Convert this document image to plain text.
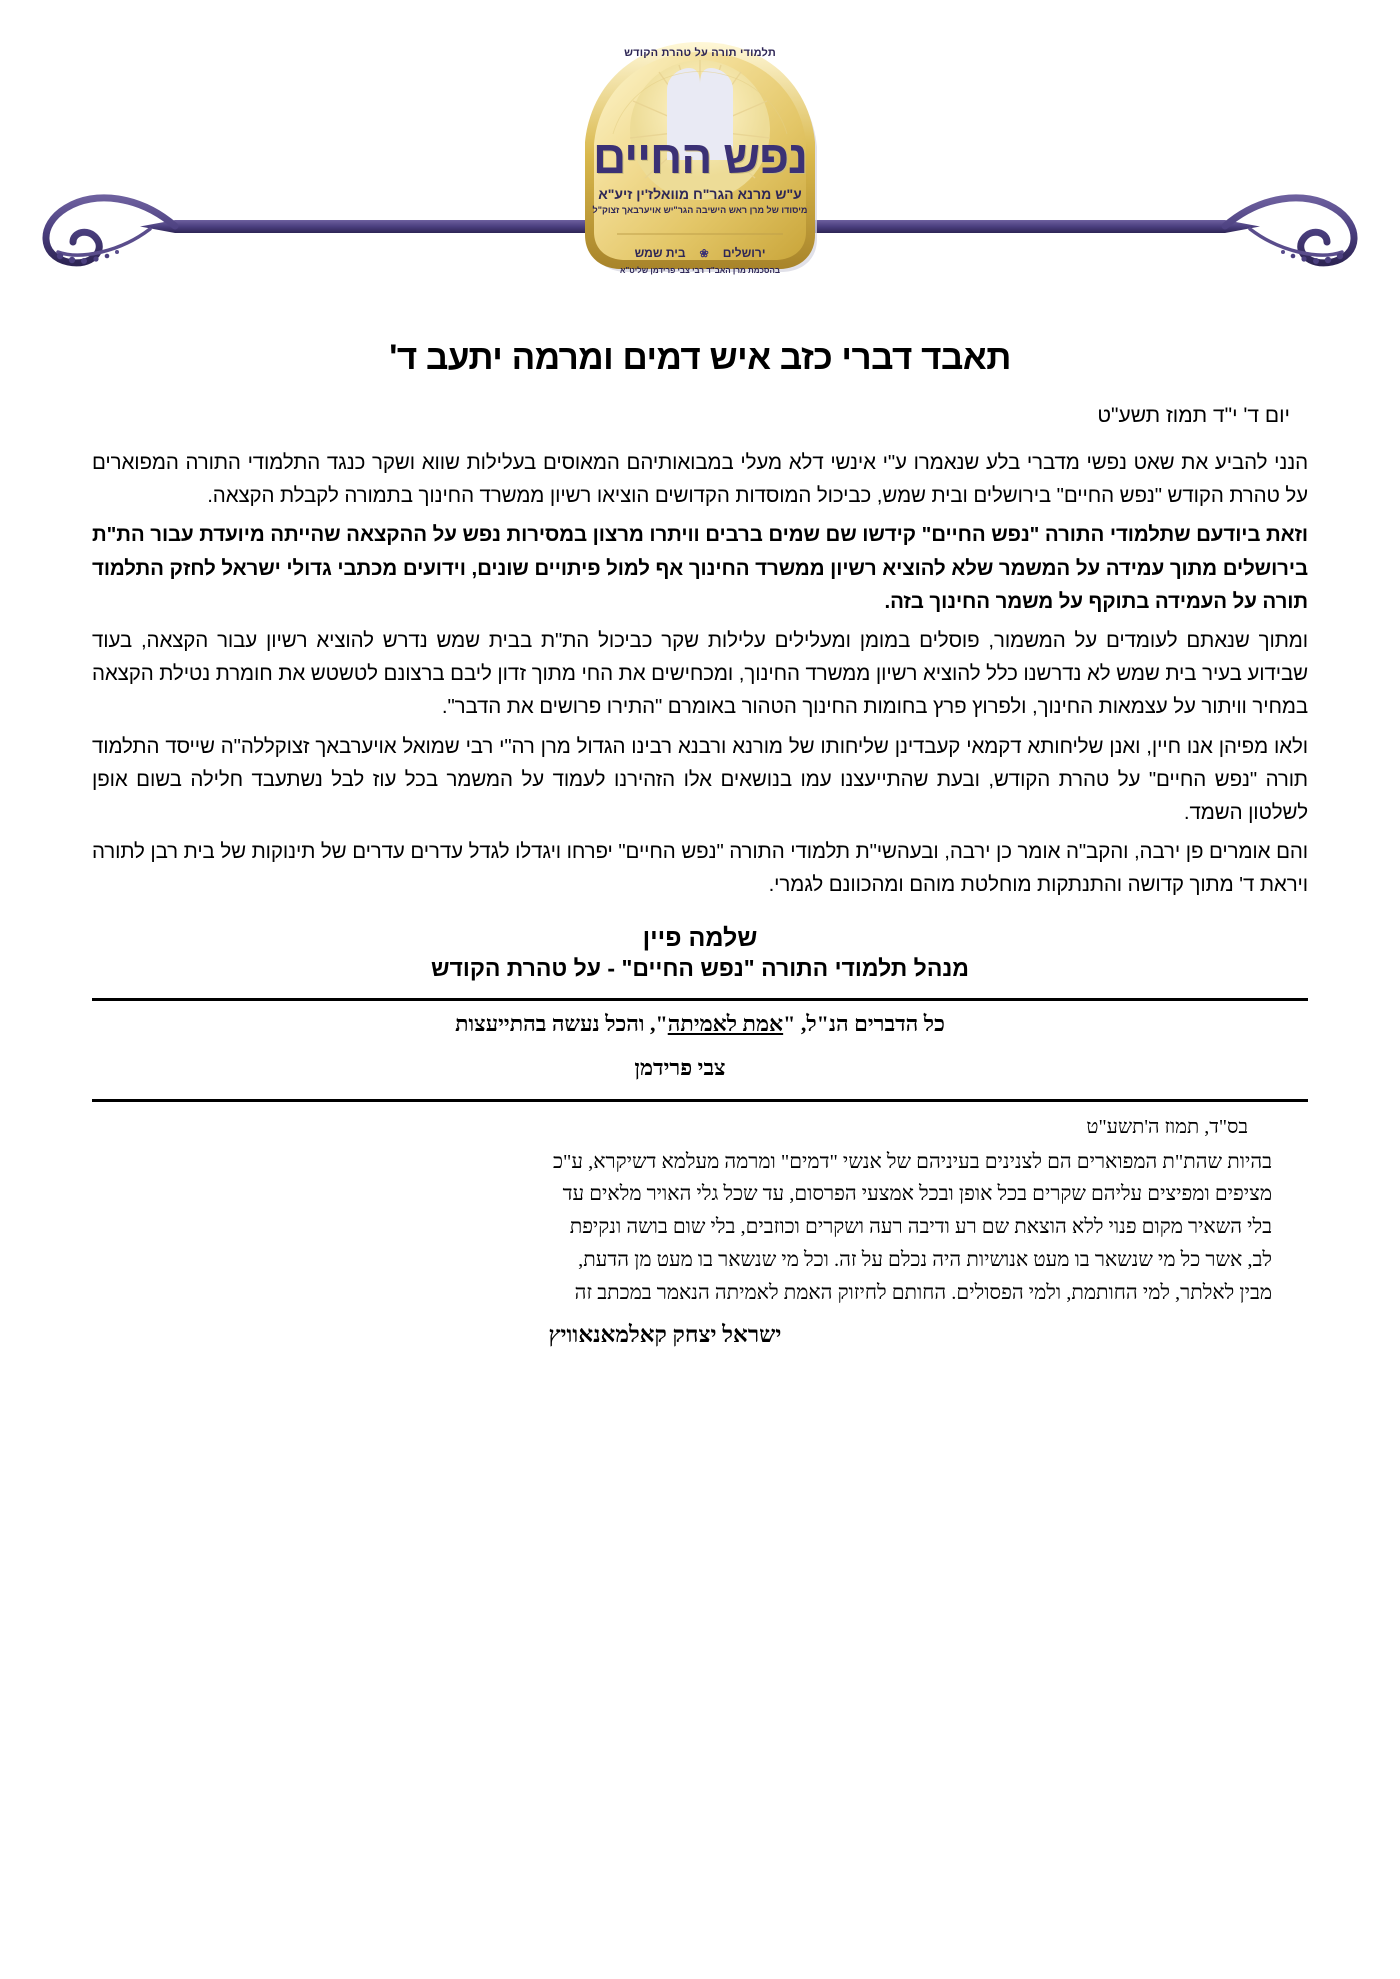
תלמודי תורה על טהרת הקודש
נפש החיים
ע"ש מרנא הגר"ח מוואלז'ין זיע"א
מיסודו של מרן ראש הישיבה הגר"יש אויערבאך זצוק"ל
ירושלים
❀
בית שמש
בהסכמת מרן האב"ד רבי צבי פרידמן שליט"א
תאבד דברי כזב איש דמים ומרמה יתעב ד'
יום ד' י"ד תמוז תשע"ט

הנני להביע את שאט נפשי מדברי בלע שנאמרו ע"י אינשי דלא מעלי במבואותיהם המאוסים בעלילות שווא ושקר כנגד התלמודי התורה המפוארים על טהרת הקודש "נפש החיים" בירושלים ובית שמש, כביכול המוסדות הקדושים הוציאו רשיון ממשרד החינוך בתמורה לקבלת הקצאה.

וזאת ביודעם שתלמודי התורה "נפש החיים" קידשו שם שמים ברבים וויתרו מרצון במסירות נפש על ההקצאה שהייתה מיועדת עבור הת"ת בירושלים מתוך עמידה על המשמר שלא להוציא רשיון ממשרד החינוך אף למול פיתויים שונים, וידועים מכתבי גדולי ישראל לחזק התלמוד תורה על העמידה בתוקף על משמר החינוך בזה.

ומתוך שנאתם לעומדים על המשמור, פוסלים במומן ומעלילים עלילות שקר כביכול הת"ת בבית שמש נדרש להוציא רשיון עבור הקצאה, בעוד שבידוע בעיר בית שמש לא נדרשנו כלל להוציא רשיון ממשרד החינוך, ומכחישים את החי מתוך זדון ליבם ברצונם לטשטש את חומרת נטילת הקצאה במחיר וויתור על עצמאות החינוך, ולפרוץ פרץ בחומות החינוך הטהור באומרם "התירו פרושים את הדבר".

ולאו מפיהן אנו חיין, ואנן שליחותא דקמאי קעבדינן שליחותו של מורנא ורבנא רבינו הגדול מרן רה"י רבי שמואל אויערבאך זצוקללה"ה שייסד התלמוד תורה "נפש החיים" על טהרת הקודש, ובעת שהתייעצנו עמו בנושאים אלו הזהירנו לעמוד על המשמר בכל עוז לבל נשתעבד חלילה בשום אופן לשלטון השמד.

והם אומרים פן ירבה, והקב"ה אומר כן ירבה, ובעהשי"ת תלמודי התורה "נפש החיים" יפרחו ויגדלו לגדל עדרים עדרים של תינוקות של בית רבן לתורה ויראת ד' מתוך קדושה והתנתקות מוחלטת מוהם ומהכוונם לגמרי.

שלמה פיין
מנהל תלמודי התורה "נפש החיים" - על טהרת הקודש
כל הדברים הנ"ל, "אמת לאמיתה", והכל נעשה בהתייעצות
צבי פרידמן
בס"ד, תמוז ה'תשע"ט

בהיות שהת"ת המפוארים הם לצנינים בעיניהם של אנשי "דמים" ומרמה מעלמא דשיקרא, ע"כ

מציפים ומפיצים עליהם שקרים בכל אופן ובכל אמצעי הפרסום, עד שכל גלי האויר מלאים עד

בלי השאיר מקום פנוי ללא הוצאת שם רע ודיבה רעה ושקרים וכוזבים, בלי שום בושה ונקיפת

לב, אשר כל מי שנשאר בו מעט אנושיות היה נכלם על זה. וכל מי שנשאר בו מעט מן הדעת,

מבין לאלתר, למי החותמת, ולמי הפסולים. החותם לחיזוק האמת לאמיתה הנאמר במכתב זה

ישראל יצחק קאלמאנאוויץ
